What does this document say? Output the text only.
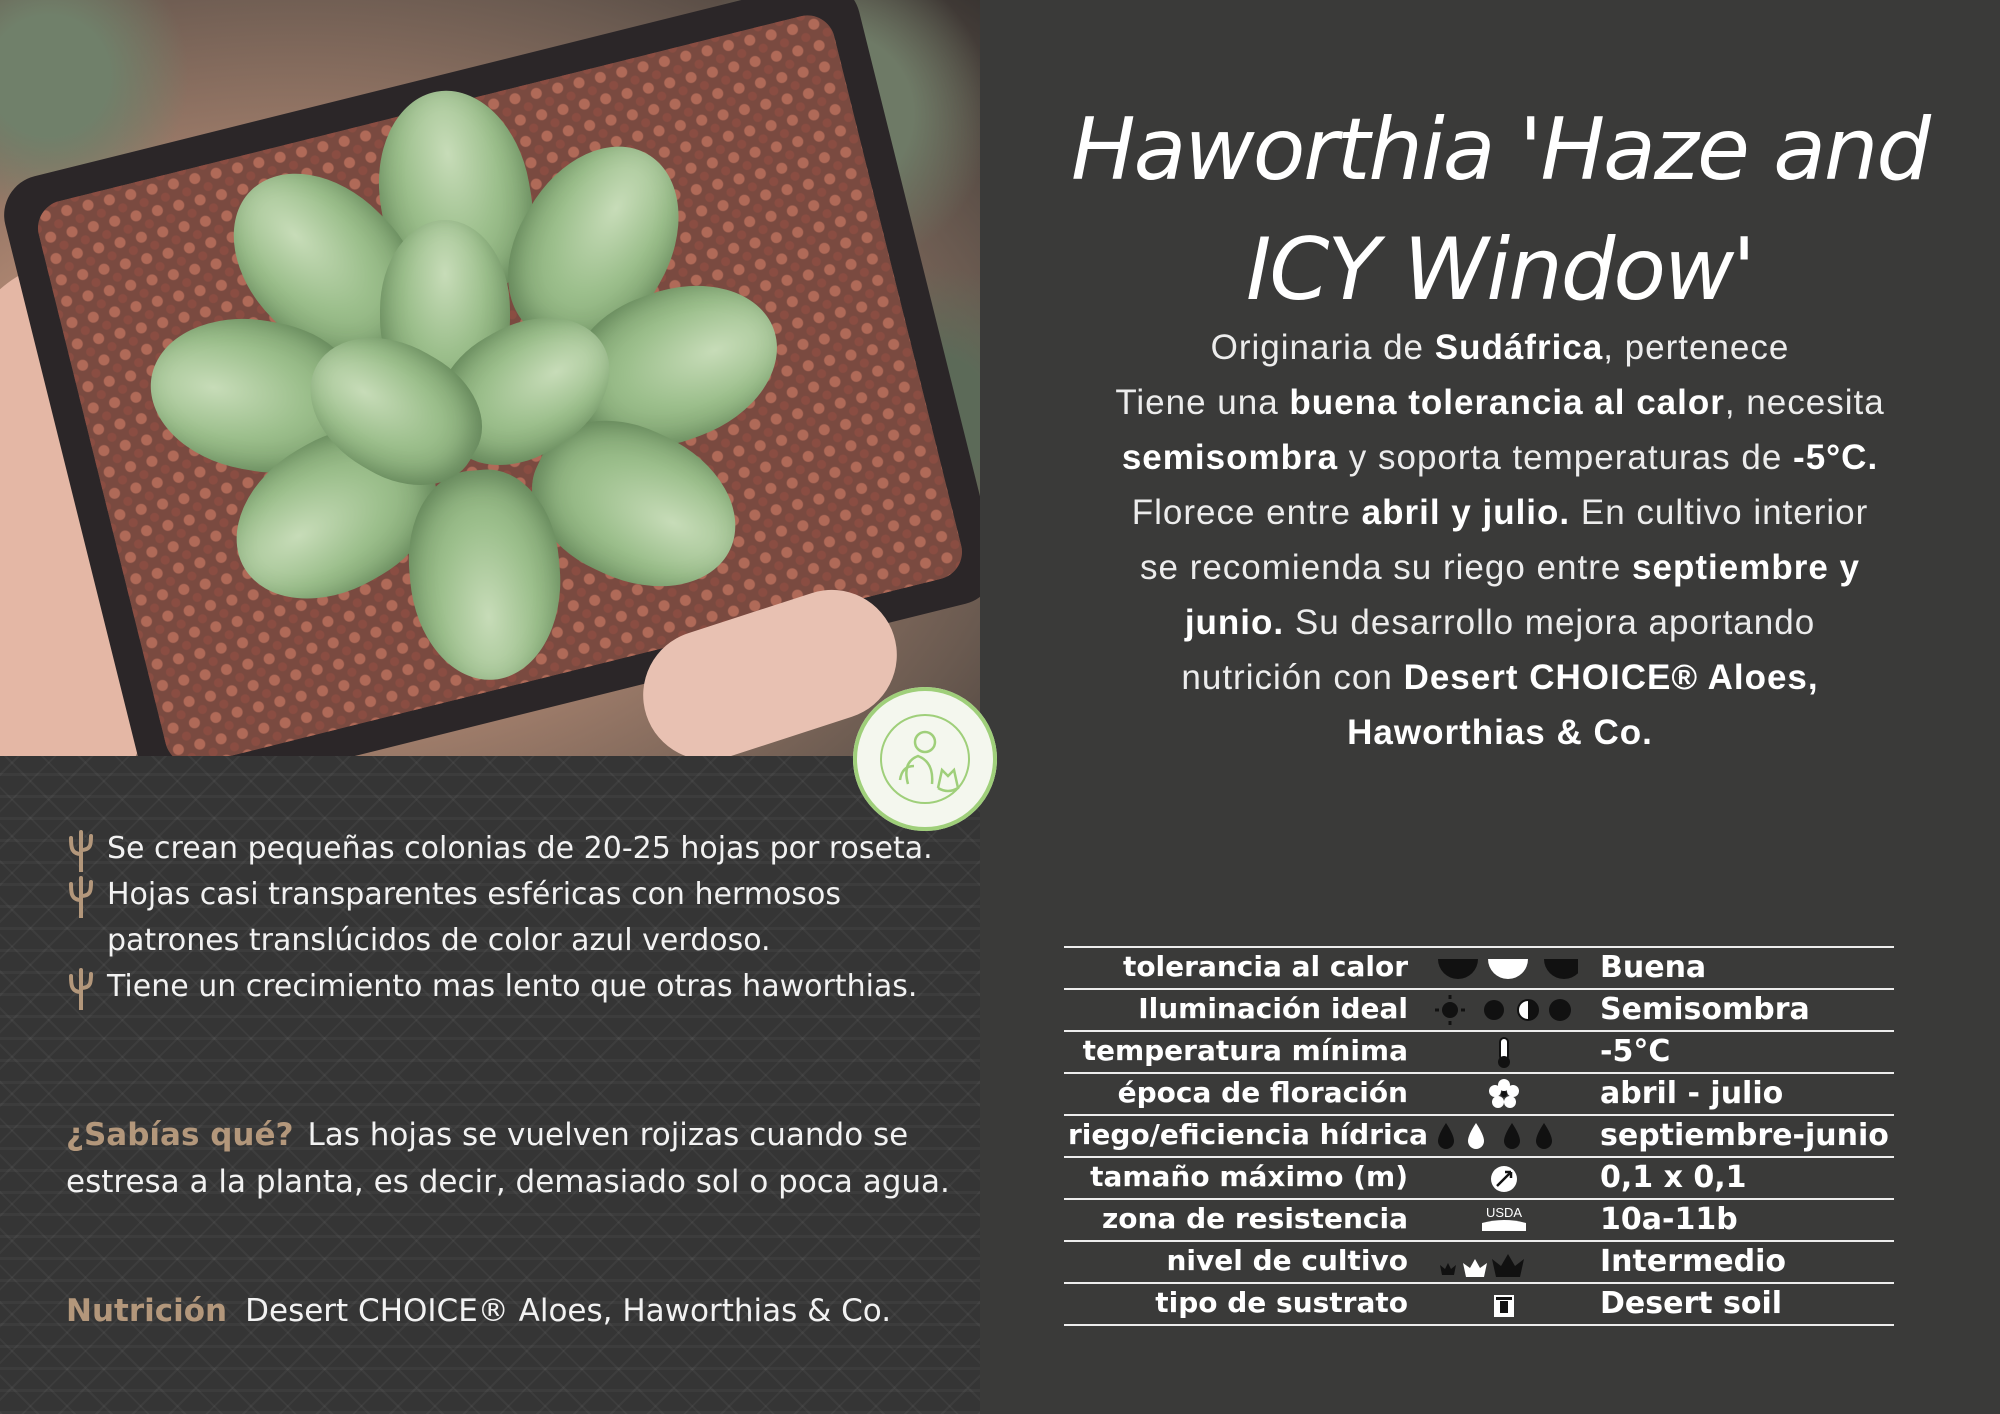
Se crean pequeñas colonias de 20-25 hojas por roseta.
Hojas casi transparentes esféricas con hermosos patrones translúcidos de color azul verdoso.
Tiene un crecimiento mas lento que otras haworthias.
¿Sabías qué? Las hojas se vuelven rojizas cuando se estresa a la planta, es decir, demasiado sol o poca agua.
Nutrición Desert CHOICE® Aloes, Haworthias & Co.
Haworthia 'Haze and ICY Window'
Originaria de Sudáfrica, pertenece
Tiene una buena tolerancia al calor, necesita
semisombra y soporta temperaturas de -5°C.
Florece entre abril y julio. En cultivo interior
se recomienda su riego entre septiembre y
junio. Su desarrollo mejora aportando
nutrición con Desert CHOICE® Aloes,
Haworthias & Co.
tolerancia al calor	Buena
Iluminación ideal	Semisombra
temperatura mínima	-5°C
época de floración	abril - julio
riego/eficiencia hídrica	septiembre-junio
tamaño máximo (m)	0,1 x 0,1
zona de resistencia	USDA	10a-11b
nivel de cultivo	Intermedio
tipo de sustrato	Desert soil
